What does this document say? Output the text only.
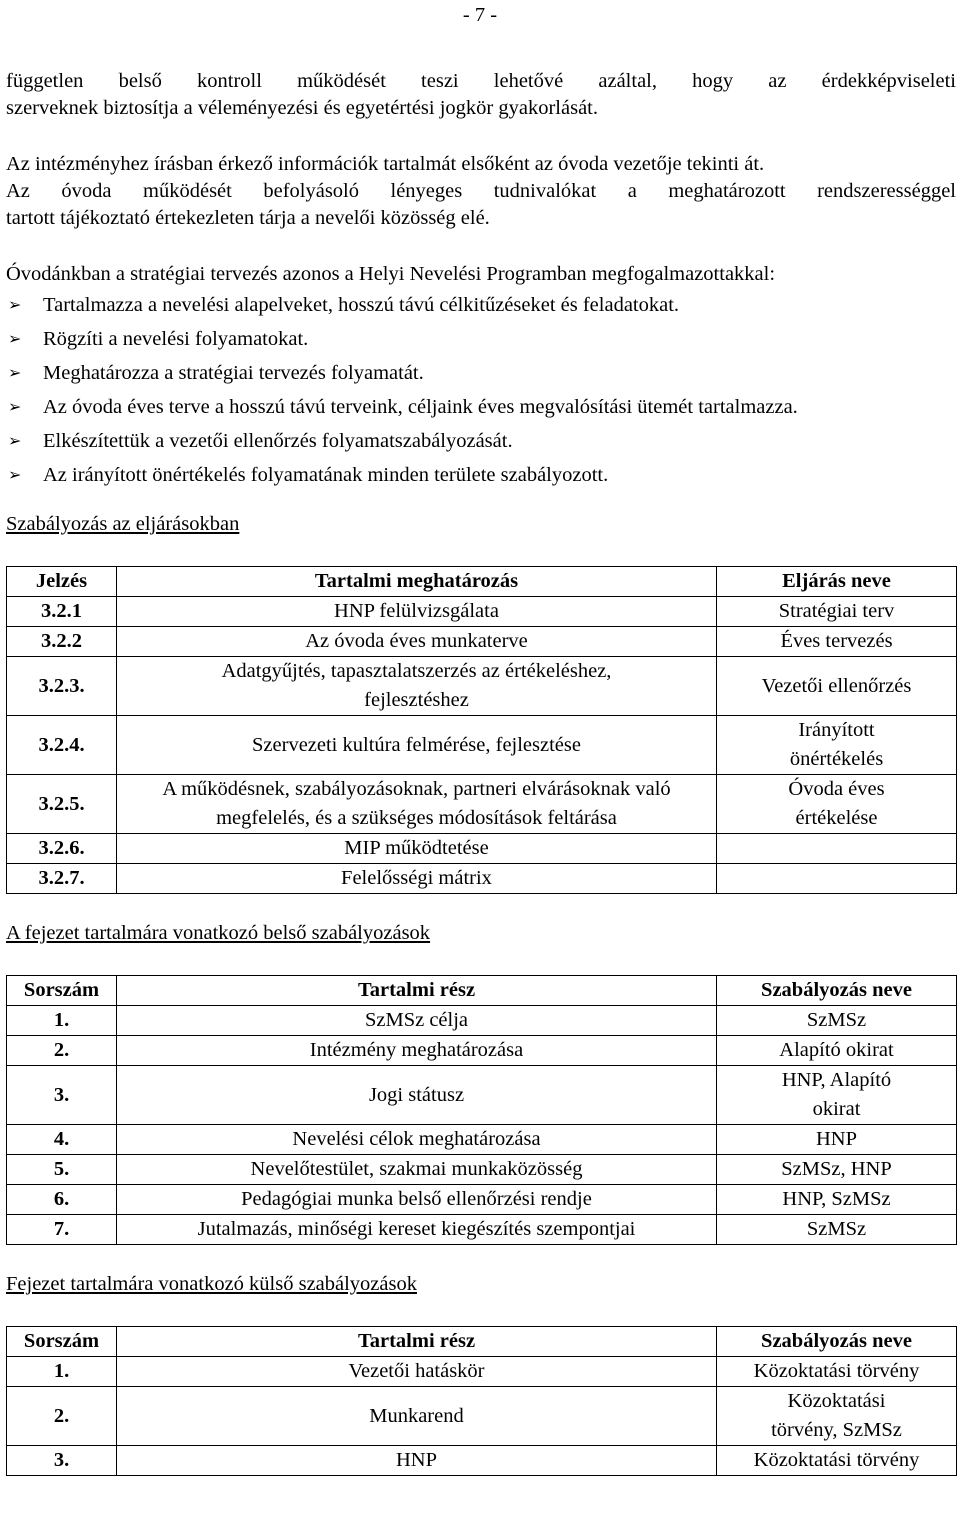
- 7 -

független belső kontroll működését teszi lehetővé azáltal, hogy az érdekképviseleti

szerveknek biztosítja a véleményezési és egyetértési jogkör gyakorlását.

Az intézményhez írásban érkező információk tartalmát elsőként az óvoda vezetője tekinti át.

Az óvoda működését befolyásoló lényeges tudnivalókat a meghatározott rendszerességgel

tartott tájékoztató értekezleten tárja a nevelői közösség elé.

Óvodánkban a stratégiai tervezés azonos a Helyi Nevelési Programban megfogalmazottakkal:

➢ Tartalmazza a nevelési alapelveket, hosszú távú célkitűzéseket és feladatokat.
➢ Rögzíti a nevelési folyamatokat.
➢ Meghatározza a stratégiai tervezés folyamatát.
➢ Az óvoda éves terve a hosszú távú terveink, céljaink éves megvalósítási ütemét tartalmazza.
➢ Elkészítettük a vezetői ellenőrzés folyamatszabályozását.
➢ Az irányított önértékelés folyamatának minden területe szabályozott.

Szabályozás az eljárásokban

Jelzés	Tartalmi meghatározás	Eljárás neve
3.2.1	HNP felülvizsgálata	Stratégiai terv
3.2.2	Az óvoda éves munkaterve	Éves tervezés
3.2.3.	Adatgyűjtés, tapasztalatszerzés az értékeléshez, fejlesztéshez	Vezetői ellenőrzés
3.2.4.	Szervezeti kultúra felmérése, fejlesztése	Irányított önértékelés
3.2.5.	A működésnek, szabályozásoknak, partneri elvárásoknak való megfelelés, és a szükséges módosítások feltárása	Óvoda éves értékelése
3.2.6.	MIP működtetése	
3.2.7.	Felelősségi mátrix	

A fejezet tartalmára vonatkozó belső szabályozások

Sorszám	Tartalmi rész	Szabályozás neve
1.	SzMSz célja	SzMSz
2.	Intézmény meghatározása	Alapító okirat
3.	Jogi státusz	HNP, Alapító okirat
4.	Nevelési célok meghatározása	HNP
5.	Nevelőtestület, szakmai munkaközösség	SzMSz, HNP
6.	Pedagógiai munka belső ellenőrzési rendje	HNP, SzMSz
7.	Jutalmazás, minőségi kereset kiegészítés szempontjai	SzMSz

Fejezet tartalmára vonatkozó külső szabályozások

Sorszám	Tartalmi rész	Szabályozás neve
1.	Vezetői hatáskör	Közoktatási törvény
2.	Munkarend	Közoktatási törvény, SzMSz
3.	HNP	Közoktatási törvény
